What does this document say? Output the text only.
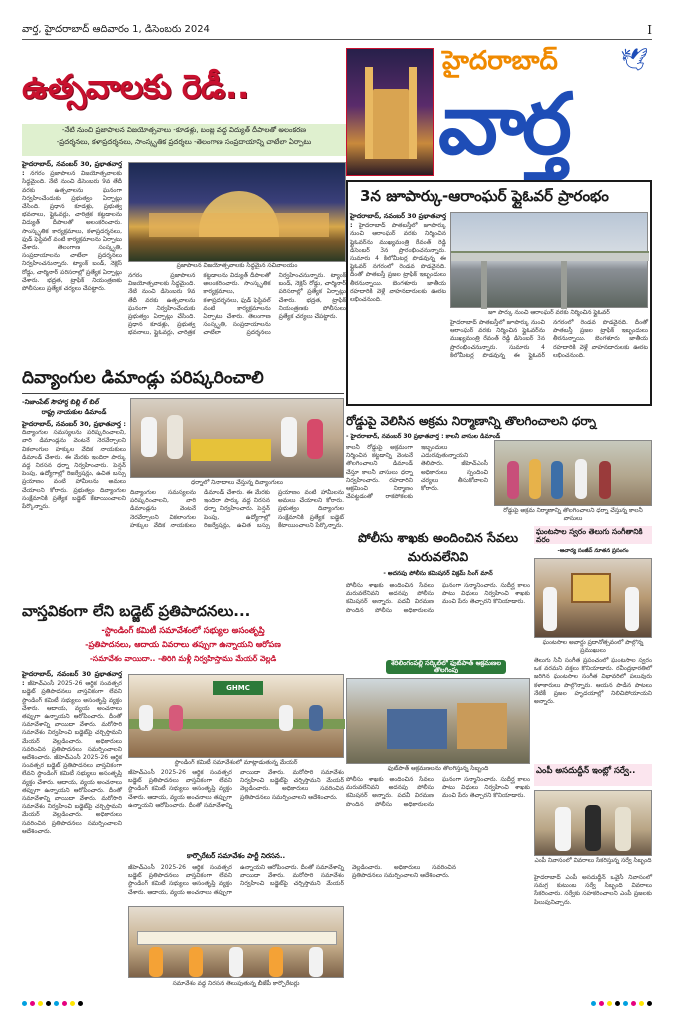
వార్త, హైదరాబాద్ ఆదివారం 1, డిసెంబరు 2024	I
ఉత్సవాలకు రెడీ..
హైదరాబాద్	🕊
వార్త
-నేటి నుంచి ప్రజాపాలన విజయోత్సవాలు -కూడళ్లు, బంజ్ల వద్ద విద్యుత్ దీపాలతో అలంకరణ
-ప్రదర్శనలు, కళాప్రదర్శనలు, సాంస్కృతిక ప్రదర్శలు -తెలంగాణ సంప్రదాయాన్ని చాటేలా ఏర్పాటు
హైదరాబాద్, నవంబర్ 30, ప్రభాతవార్త : నగరం ప్రజాపాలన విజయోత్సవాలకు సిద్ధమైంది. నేటి నుంచి డిసెంబరు 9వ తేదీ వరకు ఉత్సవాలను ఘనంగా నిర్వహించేందుకు ప్రభుత్వం ఏర్పాట్లు చేసింది. ప్రధాన కూడళ్లు, ప్రభుత్వ భవనాలు, ఫ్లైఓవర్లు, చారిత్రక కట్టడాలను విద్యుత్ దీపాలతో అలంకరించారు. సాంస్కృతిక కార్యక్రమాలు, కళాప్రదర్శనలు, ఫుడ్ ఫెస్టివల్ వంటి కార్యక్రమాలను ఏర్పాటు చేశారు. తెలంగాణ సంస్కృతి, సంప్రదాయాలను చాటేలా ప్రదర్శనలు నిర్వహించనున్నారు. ట్యాంక్ బండ్, నెక్లెస్ రోడ్డు, చార్మినార్ పరిసరాల్లో ప్రత్యేక ఏర్పాట్లు చేశారు. భద్రత, ట్రాఫిక్ నియంత్రణకు పోలీసులు ప్రత్యేక చర్యలు చేపట్టారు.
ప్రజాపాలన విజయోత్సవాలకు సిద్ధమైన సచివాలయం
నగరం ప్రజాపాలన విజయోత్సవాలకు సిద్ధమైంది. నేటి నుంచి డిసెంబరు 9వ తేదీ వరకు ఉత్సవాలను ఘనంగా నిర్వహించేందుకు ప్రభుత్వం ఏర్పాట్లు చేసింది. ప్రధాన కూడళ్లు, ప్రభుత్వ భవనాలు, ఫ్లైఓవర్లు, చారిత్రక కట్టడాలను విద్యుత్ దీపాలతో అలంకరించారు. సాంస్కృతిక కార్యక్రమాలు, కళాప్రదర్శనలు, ఫుడ్ ఫెస్టివల్ వంటి కార్యక్రమాలను ఏర్పాటు చేశారు. తెలంగాణ సంస్కృతి, సంప్రదాయాలను చాటేలా ప్రదర్శనలు నిర్వహించనున్నారు. ట్యాంక్ బండ్, నెక్లెస్ రోడ్డు, చార్మినార్ పరిసరాల్లో ప్రత్యేక ఏర్పాట్లు చేశారు. భద్రత, ట్రాఫిక్ నియంత్రణకు పోలీసులు ప్రత్యేక చర్యలు చేపట్టారు.
3న జూపార్కు-ఆరాంఘర్ ఫ్లైఓవర్ ప్రారంభం
హైదరాబాద్, నవంబర్ 30 ప్రభాతవార్త : హైదరాబాద్ పాతబస్తీలో జూపార్కు నుంచి ఆరాంఘర్ వరకు నిర్మించిన ఫ్లైఓవర్‌ను ముఖ్యమంత్రి రేవంత్ రెడ్డి డిసెంబర్ 3న ప్రారంభించనున్నారు. సుమారు 4 కిలోమీటర్ల పొడవున్న ఈ ఫ్లైఓవర్ నగరంలో రెండవ పొడవైనది. దీంతో పాతబస్తీ ప్రజల ట్రాఫిక్ ఇబ్బందులు తీరనున్నాయి. బెంగళూరు జాతీయ రహదారికి వెళ్లే వాహనదారులకు ఊరట లభించనుంది.
జూ పార్కు నుంచి ఆరాంఘర్ వరకు నిర్మించిన ఫ్లైఓవర్
హైదరాబాద్ పాతబస్తీలో జూపార్కు నుంచి ఆరాంఘర్ వరకు నిర్మించిన ఫ్లైఓవర్‌ను ముఖ్యమంత్రి రేవంత్ రెడ్డి డిసెంబర్ 3న ప్రారంభించనున్నారు. సుమారు 4 కిలోమీటర్ల పొడవున్న ఈ ఫ్లైఓవర్ నగరంలో రెండవ పొడవైనది. దీంతో పాతబస్తీ ప్రజల ట్రాఫిక్ ఇబ్బందులు తీరనున్నాయి. బెంగళూరు జాతీయ రహదారికి వెళ్లే వాహనదారులకు ఊరట లభించనుంది.
దివ్యాంగుల డిమాండ్లు పరిష్కరించాలి
-నిజాంపేట్ సౌహార్ద బిల్లి ల్ బిల్
రాష్ట్ర నాయకుల డిమాండ్
హైదరాబాద్, నవంబర్ 30, ప్రభాతవార్త : దివ్యాంగుల సమస్యలను పరిష్కరించాలని, వారి డిమాండ్లను వెంటనే నెరవేర్చాలని వికలాంగుల హక్కుల వేదిక నాయకులు డిమాండ్ చేశారు. ఈ మేరకు ఇందిరా పార్కు వద్ద నిరసన ధర్నా నిర్వహించారు. పెన్షన్ పెంపు, ఉద్యోగాల్లో రిజర్వేషన్లు, ఉచిత బస్సు ప్రయాణం వంటి హామీలను అమలు చేయాలని కోరారు. ప్రభుత్వం దివ్యాంగుల సంక్షేమానికి ప్రత్యేక బడ్జెట్ కేటాయించాలని పేర్కొన్నారు.
ధర్నాలో నినాదాలు చేస్తున్న దివ్యాంగులు
దివ్యాంగుల సమస్యలను పరిష్కరించాలని, వారి డిమాండ్లను వెంటనే నెరవేర్చాలని వికలాంగుల హక్కుల వేదిక నాయకులు డిమాండ్ చేశారు. ఈ మేరకు ఇందిరా పార్కు వద్ద నిరసన ధర్నా నిర్వహించారు. పెన్షన్ పెంపు, ఉద్యోగాల్లో రిజర్వేషన్లు, ఉచిత బస్సు ప్రయాణం వంటి హామీలను అమలు చేయాలని కోరారు. ప్రభుత్వం దివ్యాంగుల సంక్షేమానికి ప్రత్యేక బడ్జెట్ కేటాయించాలని పేర్కొన్నారు.
రోడ్డుపై వెలిసిన అక్రమ నిర్మాణాన్ని తొలగించాలని ధర్నా
- హైదరాబాద్, నవంబర్ 30 ప్రభాతవార్త : కాలనీ వాసుల డిమాండ్
కాలనీ రోడ్డుపై అక్రమంగా నిర్మించిన కట్టడాన్ని వెంటనే తొలగించాలని డిమాండ్ చేస్తూ కాలనీ వాసులు ధర్నా నిర్వహించారు. రహదారిని ఆక్రమించి నిర్మాణం చేపట్టడంతో రాకపోకలకు ఇబ్బందులు ఎదురవుతున్నాయని తెలిపారు. జీహెచ్ఎంసీ అధికారులు స్పందించి చర్యలు తీసుకోవాలని కోరారు.
రోడ్డుపై అక్రమ నిర్మాణాన్ని తొలగించాలని ధర్నా చేస్తున్న కాలనీ వాసులు
పోలీసు శాఖకు అందించిన సేవలు మరువలేనివి
- అదనపు పోలీసు కమిషనర్ విక్రమ్ సింగ్ మాన్
పోలీసు శాఖకు అందించిన సేవలు మరువలేనివని అదనపు పోలీసు కమిషనర్ అన్నారు. పదవీ విరమణ పొందిన పోలీసు అధికారులను ఘనంగా సన్మానించారు. సుదీర్ఘ కాలం పాటు విధులు నిర్వహించి శాఖకు మంచి పేరు తెచ్చారని కొనియాడారు.
శేరిలింగంపల్లి సర్కిల్‌లో ఫుట్‌పాత్ ఆక్రమణల తొలగింపు
ఫుట్‌పాత్ ఆక్రమణలను తొలగిస్తున్న సిబ్బంది
పోలీసు శాఖకు అందించిన సేవలు మరువలేనివని అదనపు పోలీసు కమిషనర్ అన్నారు. పదవీ విరమణ పొందిన పోలీసు అధికారులను ఘనంగా సన్మానించారు. సుదీర్ఘ కాలం పాటు విధులు నిర్వహించి శాఖకు మంచి పేరు తెచ్చారని కొనియాడారు.
ఘంటసాల స్వరం తెలుగు సంగీతానికి వరం
-ఆచార్య సంజీవ్ నూతన ప్రసంగం
ఘంటసాల అవార్డు ప్రదానోత్సవంలో పాల్గొన్న ప్రముఖులు
తెలుగు సినీ సంగీత ప్రపంచంలో ఘంటసాల స్వరం ఒక వరమని వక్తలు కొనియాడారు. రవీంద్రభారతిలో జరిగిన ఘంటసాల సంగీత విభావరిలో పలువురు కళాకారులు పాల్గొన్నారు. ఆయన పాడిన పాటలు నేటికీ ప్రజల హృదయాల్లో నిలిచిపోయాయని అన్నారు.
ఎంపీ అసదుద్దీన్ ఇంట్లో సర్వే..
ఎంపీ నివాసంలో వివరాలు సేకరిస్తున్న సర్వే సిబ్బంది
హైదరాబాద్ ఎంపీ అసదుద్దీన్ ఒవైసీ నివాసంలో సమగ్ర కుటుంబ సర్వే సిబ్బంది వివరాలు సేకరించారు. సర్వేకు సహకరించాలని ఎంపీ ప్రజలకు పిలుపునిచ్చారు.
వాస్తవికంగా లేని బడ్జెట్ ప్రతిపాదనలు...
-స్టాండింగ్ కమిటీ సమావేశంలో సభ్యుల అసంతృప్తి
-ప్రతిపాదనలు, ఆదాయ వివరాలు తప్పుగా ఉన్నాయని ఆరోపణ
-సమావేశం వాయిదా.. -తిరిగి మళ్లీ నిర్వహిస్తాము మేయర్ వెల్లడి
హైదరాబాద్, నవంబర్ 30 ప్రభాతవార్త : జీహెచ్ఎంసీ 2025-26 ఆర్థిక సంవత్సర బడ్జెట్ ప్రతిపాదనలు వాస్తవికంగా లేవని స్టాండింగ్ కమిటీ సభ్యులు అసంతృప్తి వ్యక్తం చేశారు. ఆదాయ, వ్యయ అంచనాలు తప్పుగా ఉన్నాయని ఆరోపించారు. దీంతో సమావేశాన్ని వాయిదా వేశారు. మరోసారి సమావేశం నిర్వహించి బడ్జెట్‌పై చర్చిస్తామని మేయర్ వెల్లడించారు. అధికారులు సవరించిన ప్రతిపాదనలు సమర్పించాలని ఆదేశించారు. జీహెచ్ఎంసీ 2025-26 ఆర్థిక సంవత్సర బడ్జెట్ ప్రతిపాదనలు వాస్తవికంగా లేవని స్టాండింగ్ కమిటీ సభ్యులు అసంతృప్తి వ్యక్తం చేశారు. ఆదాయ, వ్యయ అంచనాలు తప్పుగా ఉన్నాయని ఆరోపించారు. దీంతో సమావేశాన్ని వాయిదా వేశారు. మరోసారి సమావేశం నిర్వహించి బడ్జెట్‌పై చర్చిస్తామని మేయర్ వెల్లడించారు. అధికారులు సవరించిన ప్రతిపాదనలు సమర్పించాలని ఆదేశించారు.
GHMC
స్టాండింగ్ కమిటీ సమావేశంలో మాట్లాడుతున్న మేయర్
జీహెచ్ఎంసీ 2025-26 ఆర్థిక సంవత్సర బడ్జెట్ ప్రతిపాదనలు వాస్తవికంగా లేవని స్టాండింగ్ కమిటీ సభ్యులు అసంతృప్తి వ్యక్తం చేశారు. ఆదాయ, వ్యయ అంచనాలు తప్పుగా ఉన్నాయని ఆరోపించారు. దీంతో సమావేశాన్ని వాయిదా వేశారు. మరోసారి సమావేశం నిర్వహించి బడ్జెట్‌పై చర్చిస్తామని మేయర్ వెల్లడించారు. అధికారులు సవరించిన ప్రతిపాదనలు సమర్పించాలని ఆదేశించారు.
కార్పొరేటర్ సమావేశం పార్టీ నిరసన..
జీహెచ్ఎంసీ 2025-26 ఆర్థిక సంవత్సర బడ్జెట్ ప్రతిపాదనలు వాస్తవికంగా లేవని స్టాండింగ్ కమిటీ సభ్యులు అసంతృప్తి వ్యక్తం చేశారు. ఆదాయ, వ్యయ అంచనాలు తప్పుగా ఉన్నాయని ఆరోపించారు. దీంతో సమావేశాన్ని వాయిదా వేశారు. మరోసారి సమావేశం నిర్వహించి బడ్జెట్‌పై చర్చిస్తామని మేయర్ వెల్లడించారు. అధికారులు సవరించిన ప్రతిపాదనలు సమర్పించాలని ఆదేశించారు.
సమావేశం వద్ద నిరసన తెలుపుతున్న బీజేపీ కార్పొరేటర్లు
